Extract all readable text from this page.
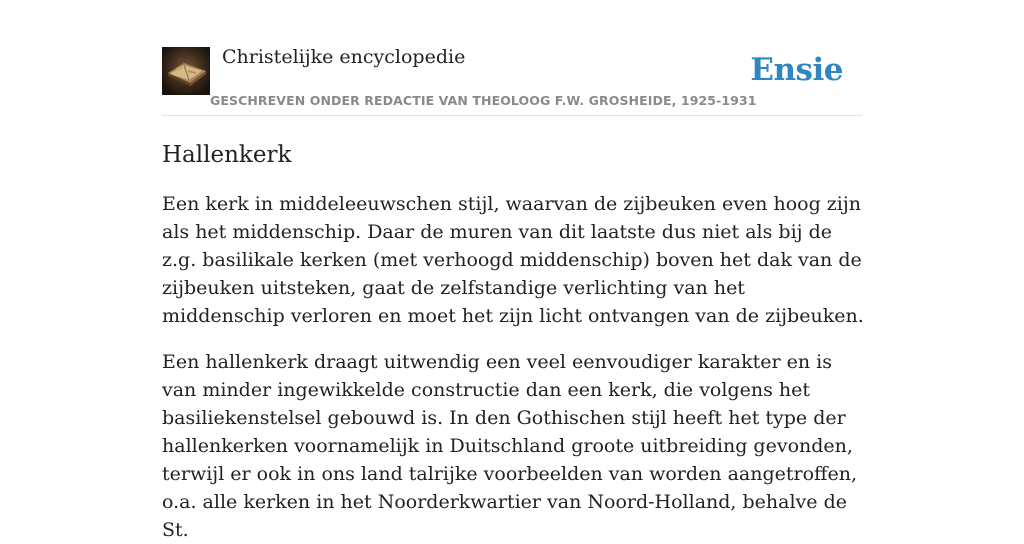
Christelijke encyclopedie
GESCHREVEN ONDER REDACTIE VAN THEOLOOG F.W. GROSHEIDE, 1925-1931
Ensie
Hallenkerk

Een kerk in middeleeuwschen stijl, waarvan de zijbeuken even hoog zijn als het middenschip. Daar de muren van dit laatste dus niet als bij de z.g. basilikale kerken (met verhoogd middenschip) boven het dak van de zijbeuken uitsteken, gaat de zelfstandige verlichting van het middenschip verloren en moet het zijn licht ontvangen van de zijbeuken.

Een hallenkerk draagt uitwendig een veel eenvoudiger karakter en is van minder ingewikkelde constructie dan een kerk, die volgens het basiliekenstelsel gebouwd is. In den Gothischen stijl heeft het type der hallenkerken voornamelijk in Duitschland groote uitbreiding gevonden, terwijl er ook in ons land talrijke voorbeelden van worden aangetroffen, o.a. alle kerken in het Noorderkwartier van Noord-Holland, behalve de St.
